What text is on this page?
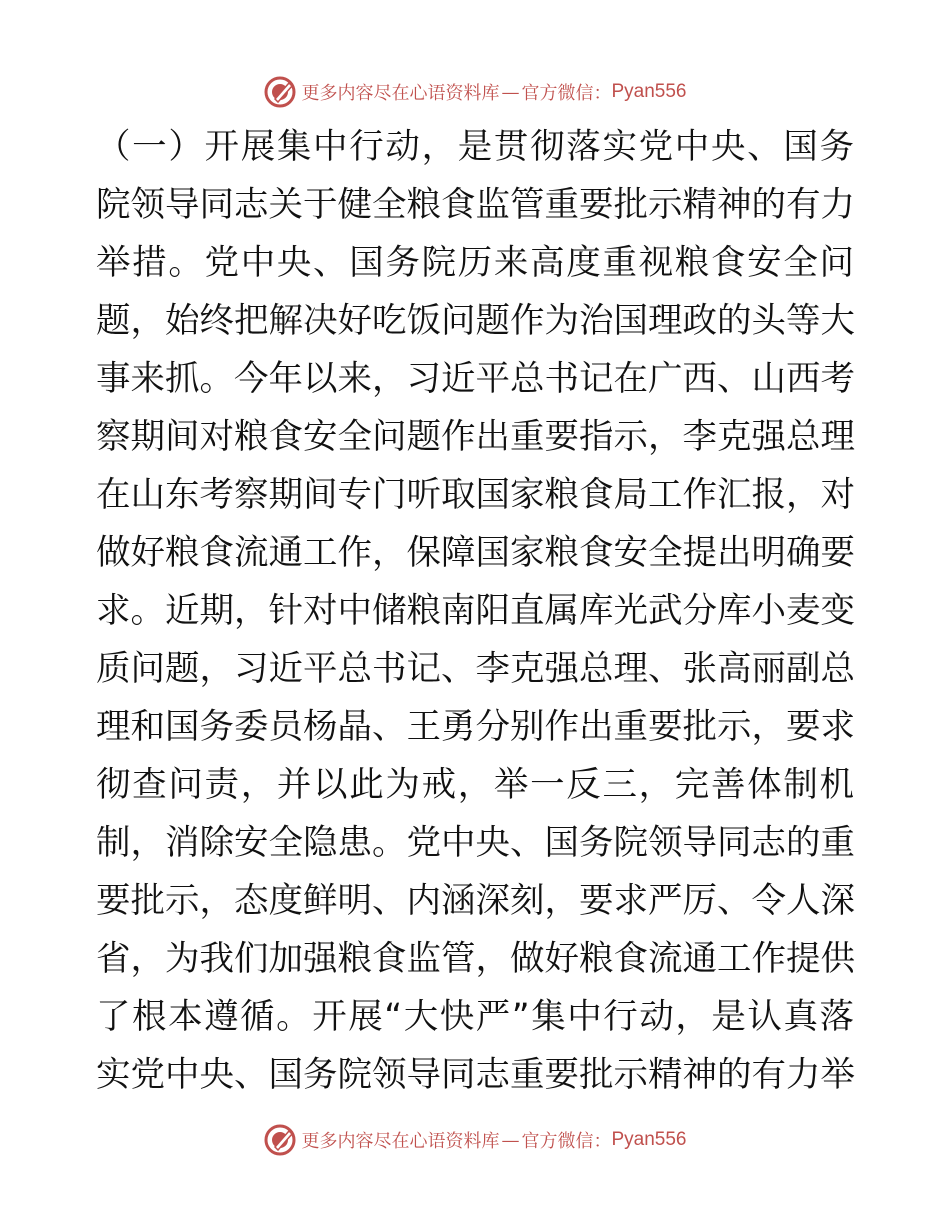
更多内容尽在心语资料库 — 官方微信： Pyan556
（一）开展集中行动，是贯彻落实党中央、国务
院领导同志关于健全粮食监管重要批示精神的有力
举措。党中央、国务院历来高度重视粮食安全问
题，始终把解决好吃饭问题作为治国理政的头等大
事来抓。今年以来，习近平总书记在广西、山西考
察期间对粮食安全问题作出重要指示，李克强总理
在山东考察期间专门听取国家粮食局工作汇报，对
做好粮食流通工作，保障国家粮食安全提出明确要
求。近期，针对中储粮南阳直属库光武分库小麦变
质问题，习近平总书记、李克强总理、张高丽副总
理和国务委员杨晶、王勇分别作出重要批示，要求
彻查问责，并以此为戒，举一反三，完善体制机
制，消除安全隐患。党中央、国务院领导同志的重
要批示，态度鲜明、内涵深刻，要求严厉、令人深
省，为我们加强粮食监管，做好粮食流通工作提供
了根本遵循。开展“大快严”集中行动，是认真落
实党中央、国务院领导同志重要批示精神的有力举
更多内容尽在心语资料库 — 官方微信： Pyan556
